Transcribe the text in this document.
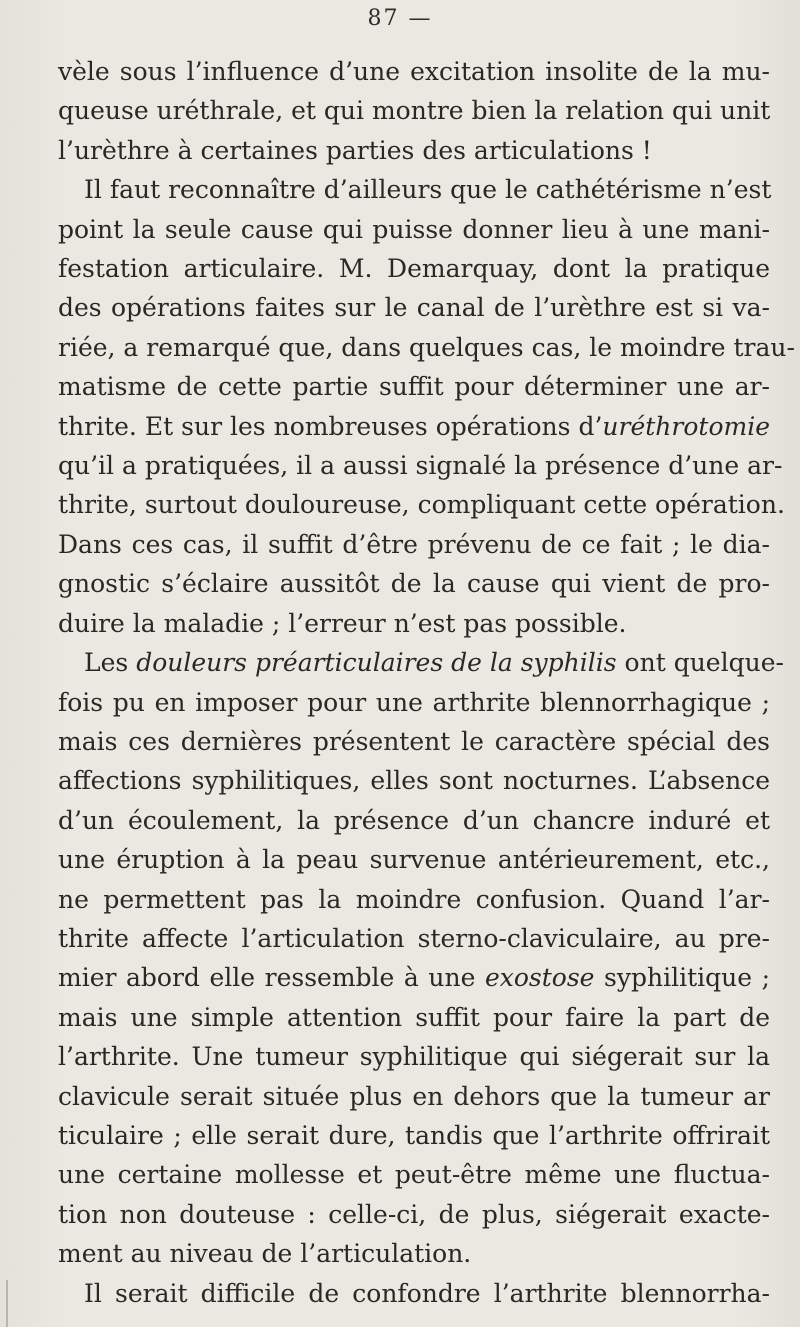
87 —
vèle sous l’influence d’une excitation insolite de la mu-
queuse uréthrale, et qui montre bien la relation qui unit
l’urèthre à certaines parties des articulations !
Il faut reconnaître d’ailleurs que le cathétérisme n’est
point la seule cause qui puisse donner lieu à une mani-
festation articulaire. M. Demarquay, dont la pratique
des opérations faites sur le canal de l’urèthre est si va-
riée, a remarqué que, dans quelques cas, le moindre trau-
matisme de cette partie suffit pour déterminer une ar-
thrite. Et sur les nombreuses opérations d’uréthrotomie
qu’il a pratiquées, il a aussi signalé la présence d’une ar-
thrite, surtout douloureuse, compliquant cette opération.
Dans ces cas, il suffit d’être prévenu de ce fait ; le dia-
gnostic s’éclaire aussitôt de la cause qui vient de pro-
duire la maladie ; l’erreur n’est pas possible.
Les douleurs préarticulaires de la syphilis ont quelque-
fois pu en imposer pour une arthrite blennorrhagique ;
mais ces dernières présentent le caractère spécial des
affections syphilitiques, elles sont nocturnes. L’absence
d’un écoulement, la présence d’un chancre induré et
une éruption à la peau survenue antérieurement, etc.,
ne permettent pas la moindre confusion. Quand l’ar-
thrite affecte l’articulation sterno-claviculaire, au pre-
mier abord elle ressemble à une exostose syphilitique ;
mais une simple attention suffit pour faire la part de
l’arthrite. Une tumeur syphilitique qui siégerait sur la
clavicule serait située plus en dehors que la tumeur ar
ticulaire ; elle serait dure, tandis que l’arthrite offrirait
une certaine mollesse et peut-être même une fluctua-
tion non douteuse : celle-ci, de plus, siégerait exacte-
ment au niveau de l’articulation.
Il serait difficile de confondre l’arthrite blennorrha-
